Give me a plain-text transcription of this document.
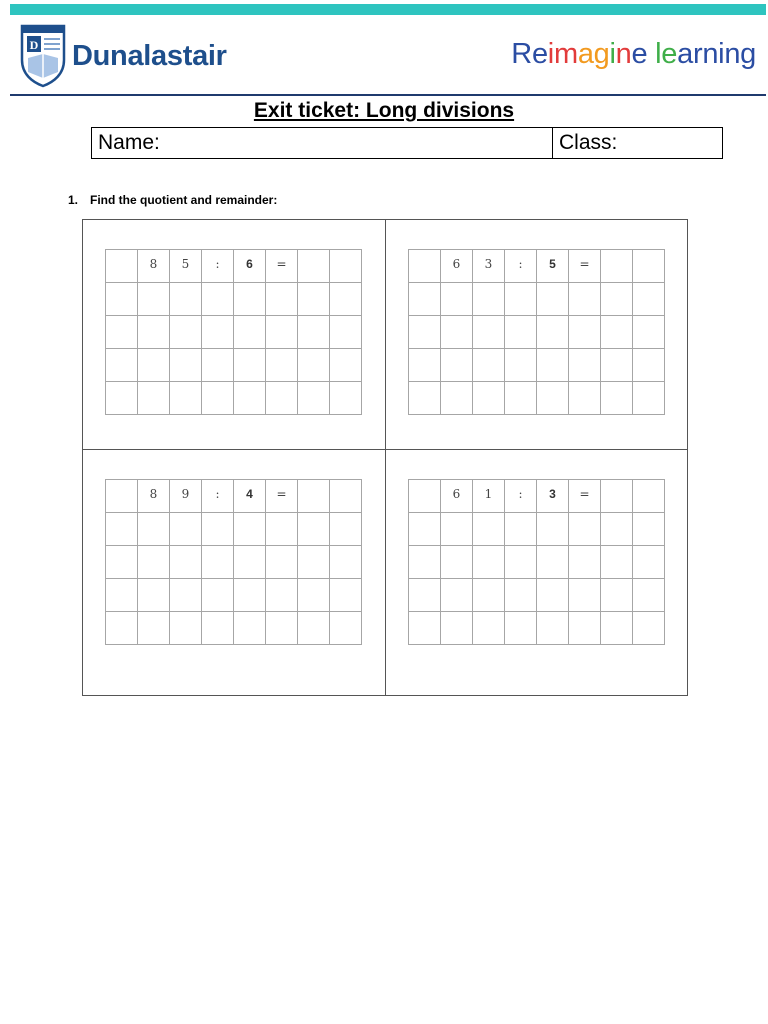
D Dunalastair	Reimagine learning
Exit ticket: Long divisions
Name:	Class:
1. Find the quotient and remainder:
	8	5	:	6	=		

		6	3	:	5	=		

	8	9	:	4	=		

		6	1	:	3	=		
